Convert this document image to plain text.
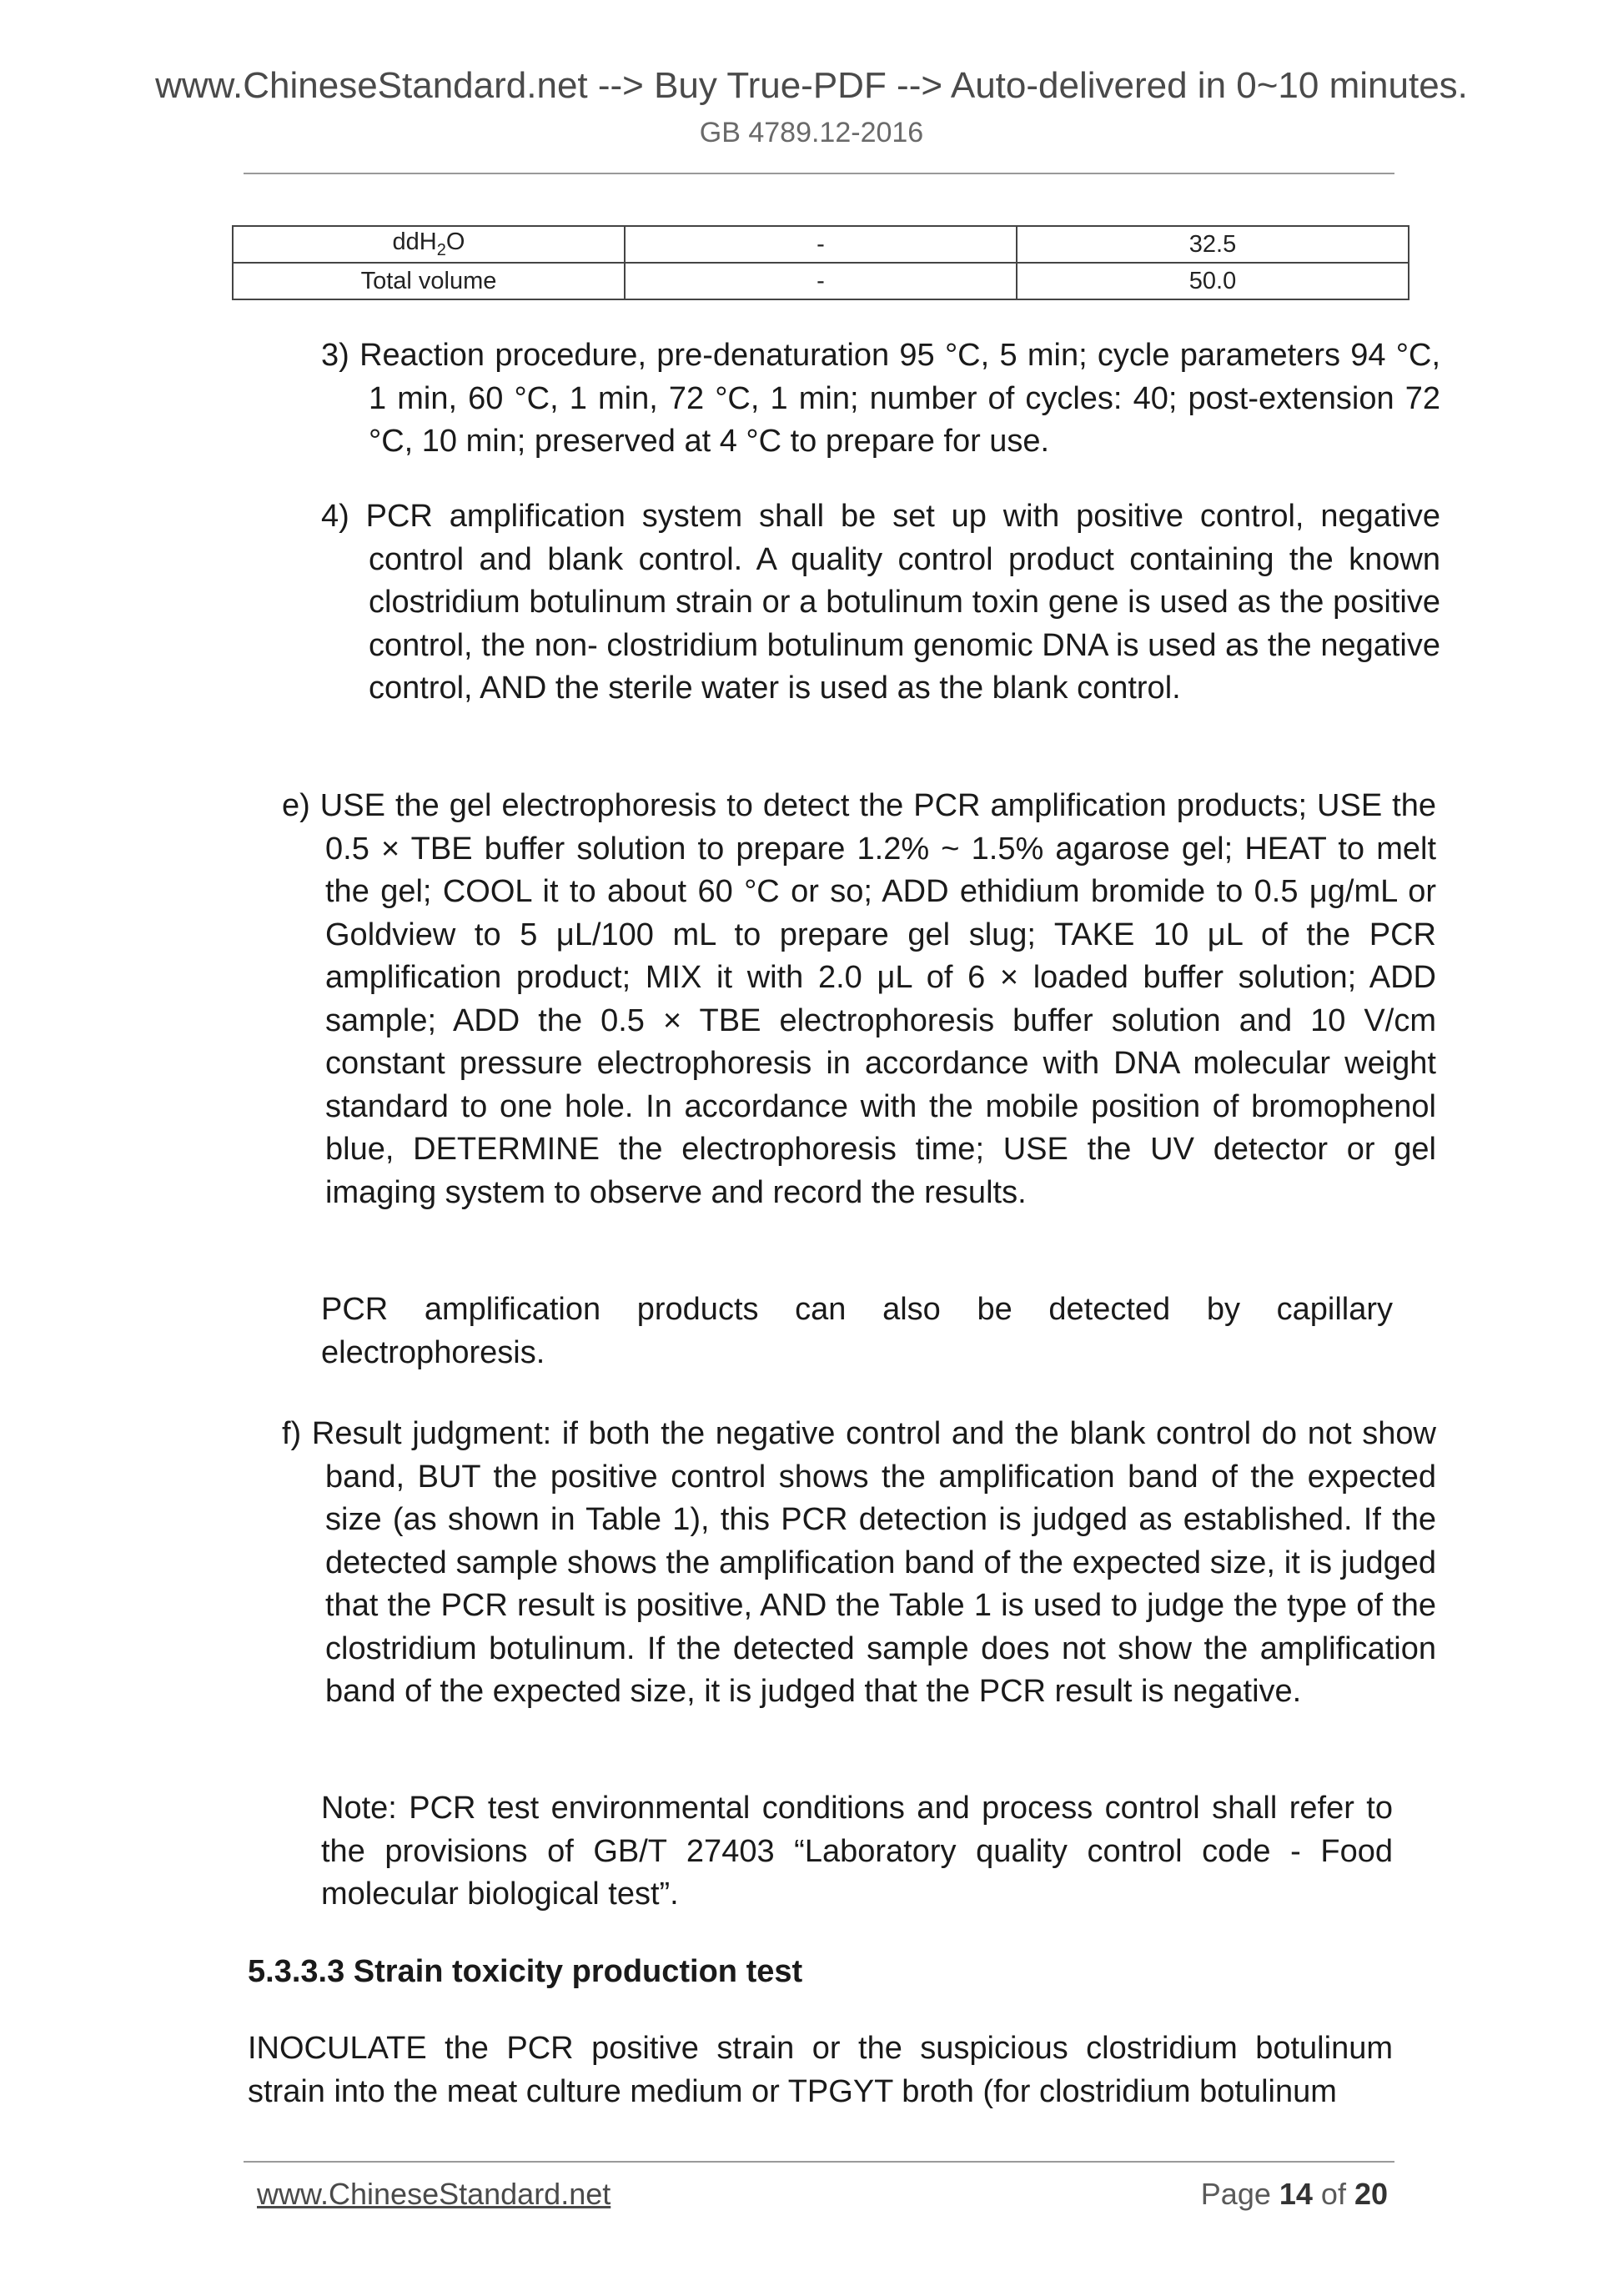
www.ChineseStandard.net --> Buy True-PDF --> Auto-delivered in 0~10 minutes.
GB 4789.12-2016
ddH$_2$O	-	32.5
Total volume	-	50.0
3) Reaction procedure, pre-denaturation 95 °C, 5 min; cycle parameters 94 °C, 1 min, 60 °C, 1 min, 72 °C, 1 min; number of cycles: 40; post-extension 72 °C, 10 min; preserved at 4 °C to prepare for use.
4) PCR amplification system shall be set up with positive control, negative control and blank control. A quality control product containing the known clostridium botulinum strain or a botulinum toxin gene is used as the positive control, the non- clostridium botulinum genomic DNA is used as the negative control, AND the sterile water is used as the blank control.
e) USE the gel electrophoresis to detect the PCR amplification products; USE the 0.5 × TBE buffer solution to prepare 1.2% ~ 1.5% agarose gel; HEAT to melt the gel; COOL it to about 60 °C or so; ADD ethidium bromide to 0.5 μg/mL or Goldview to 5 μL/100 mL to prepare gel slug; TAKE 10 μL of the PCR amplification product; MIX it with 2.0 μL of 6 × loaded buffer solution; ADD sample; ADD the 0.5 × TBE electrophoresis buffer solution and 10 V/cm constant pressure electrophoresis in accordance with DNA molecular weight standard to one hole. In accordance with the mobile position of bromophenol blue, DETERMINE the electrophoresis time; USE the UV detector or gel imaging system to observe and record the results.
PCR amplification products can also be detected by capillary electrophoresis.
f) Result judgment: if both the negative control and the blank control do not show band, BUT the positive control shows the amplification band of the expected size (as shown in Table 1), this PCR detection is judged as established. If the detected sample shows the amplification band of the expected size, it is judged that the PCR result is positive, AND the Table 1 is used to judge the type of the clostridium botulinum. If the detected sample does not show the amplification band of the expected size, it is judged that the PCR result is negative.
Note: PCR test environmental conditions and process control shall refer to the provisions of GB/T 27403 “Laboratory quality control code - Food molecular biological test”.
5.3.3.3 Strain toxicity production test
INOCULATE the PCR positive strain or the suspicious clostridium botulinum strain into the meat culture medium or TPGYT broth (for clostridium botulinum
www.ChineseStandard.net	Page 14 of 20
